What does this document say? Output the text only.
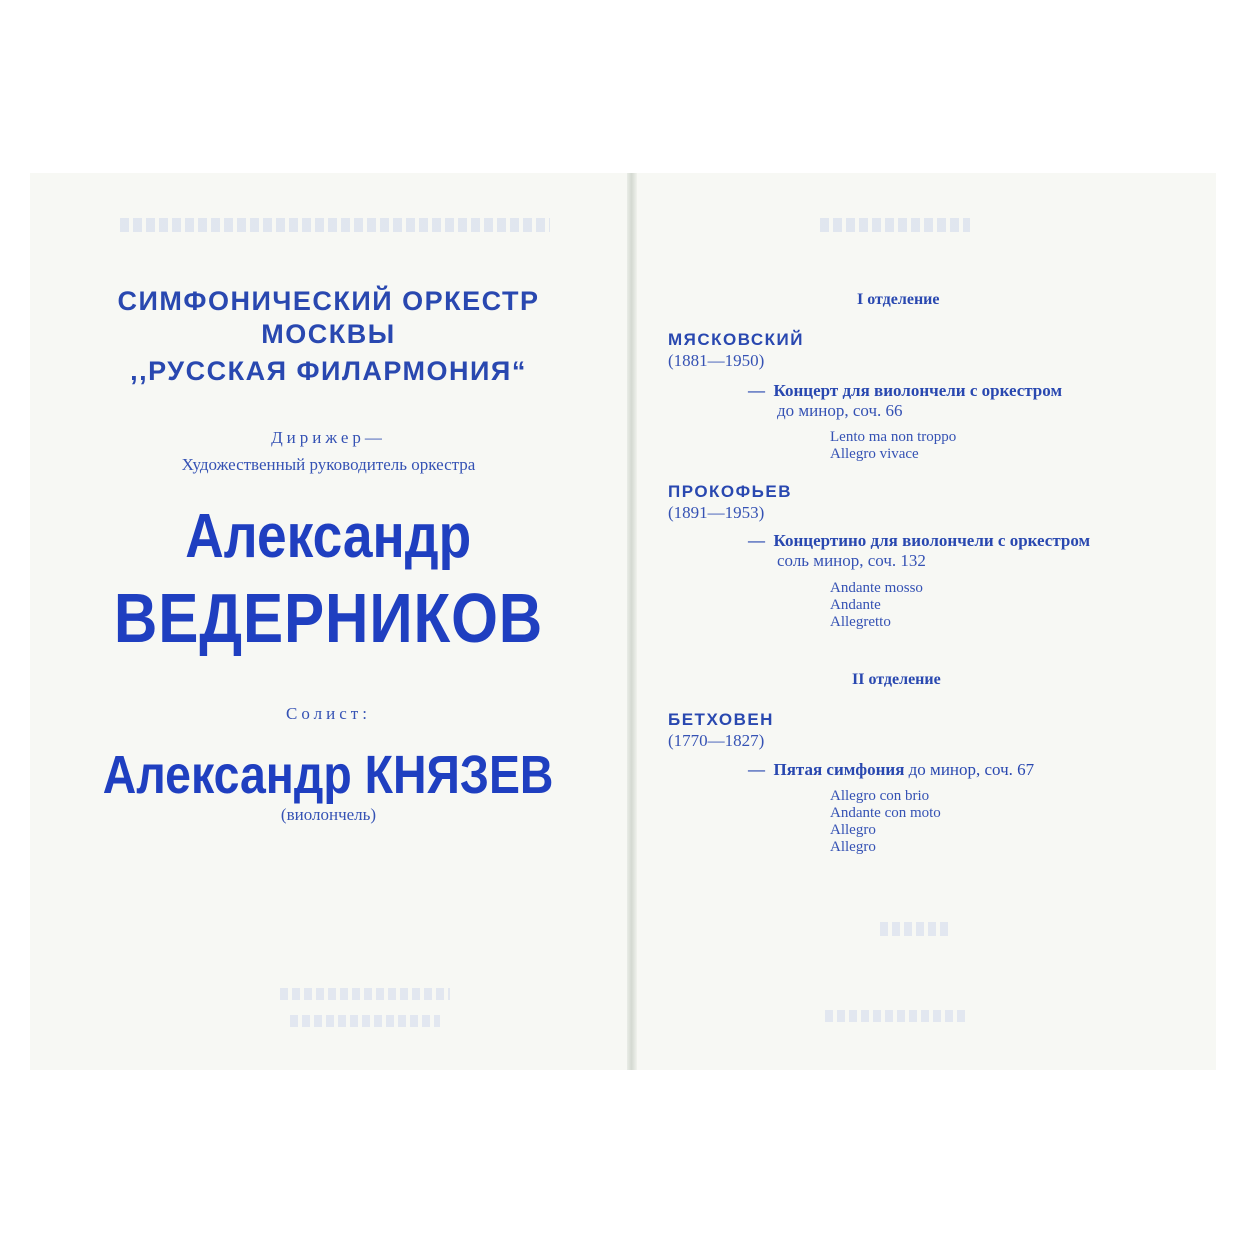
СИМФОНИЧЕСКИЙ ОРКЕСТР
МОСКВЫ
,,РУССКАЯ ФИЛАРМОНИЯ“
Дирижер—
Художественный руководитель оркестра
Александр
ВЕДЕРНИКОВ
Солист:
Александр КНЯЗЕВ
(виолончель)
I отделение
МЯСКОВСКИЙ
(1881—1950)
— Концерт для виолончели с оркестром
до минор, соч. 66
Lento ma non troppo
Allegro vivace
ПРОКОФЬЕВ
(1891—1953)
— Концертино для виолончели с оркестром
соль минор, соч. 132
Andante mosso
Andante
Allegretto
II отделение
БЕТХОВЕН
(1770—1827)
— Пятая симфония до минор, соч. 67
Allegro con brio
Andante con moto
Allegro
Allegro
